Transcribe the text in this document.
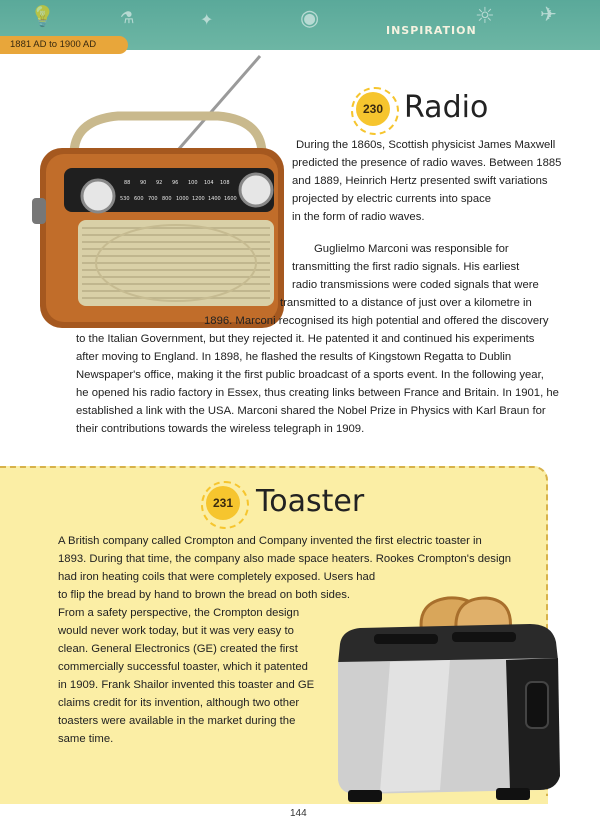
💡	◉	☼ ✈
✦
⚗
INSPIRATION
1881 AD to 1900 AD
88 90 92 96 100 104 108
530 600 700 800 1000 1200 1400 1600
230 Radio
During the 1860s, Scottish physicist James Maxwell
predicted the presence of radio waves. Between 1885
and 1889, Heinrich Hertz presented swift variations
projected by electric currents into space
in the form of radio waves.
Guglielmo Marconi was responsible for
transmitting the first radio signals. His earliest
radio transmissions were coded signals that were
transmitted to a distance of just over a kilometre in
1896. Marconi recognised its high potential and offered the discovery
to the Italian Government, but they rejected it. He patented it and continued his experiments
after moving to England. In 1898, he flashed the results of Kingstown Regatta to Dublin
Newspaper's office, making it the first public broadcast of a sports event. In the following year,
he opened his radio factory in Essex, thus creating links between France and Britain. In 1901, he
established a link with the USA. Marconi shared the Nobel Prize in Physics with Karl Braun for
their contributions towards the wireless telegraph in 1909.
231 Toaster
A British company called Crompton and Company invented the first electric toaster in
1893. During that time, the company also made space heaters. Rookes Crompton's design
had iron heating coils that were completely exposed. Users had
to flip the bread by hand to brown the bread on both sides.
From a safety perspective, the Crompton design
would never work today, but it was very easy to
clean. General Electronics (GE) created the first
commercially successful toaster, which it patented
in 1909. Frank Shailor invented this toaster and GE
claims credit for its invention, although two other
toasters were available in the market during the
same time.
144
